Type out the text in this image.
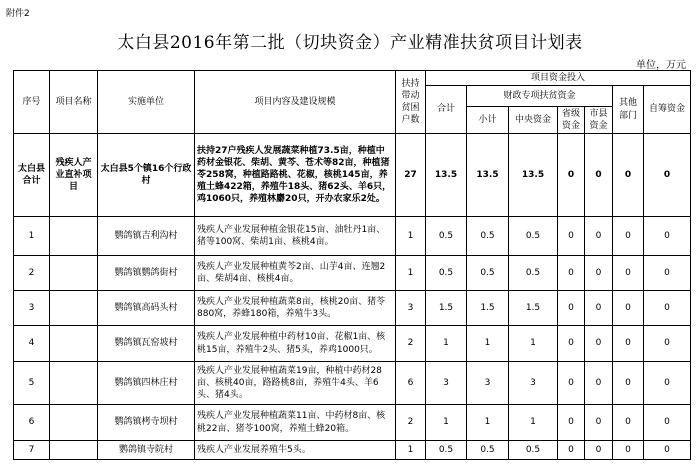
附件2
太白县2016年第二批（切块资金）产业精准扶贫项目计划表
单位，万元
序号	项目名称	实施单位	项目内容及建设规模	扶持带动贫困户数	项目资金投入						
					合计	财政专项扶贫资金				其他部门	自筹资金
						小计	中央资金	省级资金	市县资金		
太白县合计	残疾人产业直补项目	太白县5个镇16个行政村	扶持27户残疾人发展蔬菜种植73.5亩，种植中药材金银花、柴胡、黄芩、苍术等82亩，种植猪苓258窝，种植路路桃、花椒，核桃145亩，养殖土蜂422箱，养殖牛18头、猪62头、羊6只，鸡1060只，养殖林麝20只，开办农家乐2处。	27	13.5	13.5	13.5	0	0	0	0
1		鹦鸽镇吉利沟村	残疾人产业发展种植金银花15亩、油牡丹1亩、猪等100窝、柴胡1亩、核桃4亩。	1	0.5	0.5	0.5	0	0	0	0
2		鹦鸽镇鹦鸽街村	残疾人产业发展种植黄芩2亩、山芋4亩、连翘2亩、柴胡4亩、核桃4亩。	1	0.5	0.5	0.5	0	0	0	0
3		鹦鸽镇高码头村	残疾人产业发展种植蔬菜8亩，核桃20亩、猪苓880窝，养蜂180箱，养殖牛3头。	3	1.5	1.5	1.5	0	0	0	0
4		鹦鸽镇瓦窑坡村	残疾人产业发展种植中药材10亩、花椒1亩、核桃15亩，养殖牛2头、猪5头，养鸡1000只。	2	1	1	1	0	0	0	0
5		鹦鸽镇四林庄村	残疾人产业发展种植蔬菜19亩，种植中药材28亩、核桃40亩，路路桃8亩，养殖牛4头、羊6头、猪4头。	6	3	3	3	0	0	0	0
6		鹦鸽镇栲寺坝村	残疾人产业发展种植蔬菜11亩、中药材8亩、核桃22亩、猪苓100窝，养殖土蜂20箱。	2	1	1	1	0	0	0	0
7		鹦鸽镇寺院村	残疾人产业发展养殖牛5头。	1	0.5	0.5	0.5	0	0	0	0
